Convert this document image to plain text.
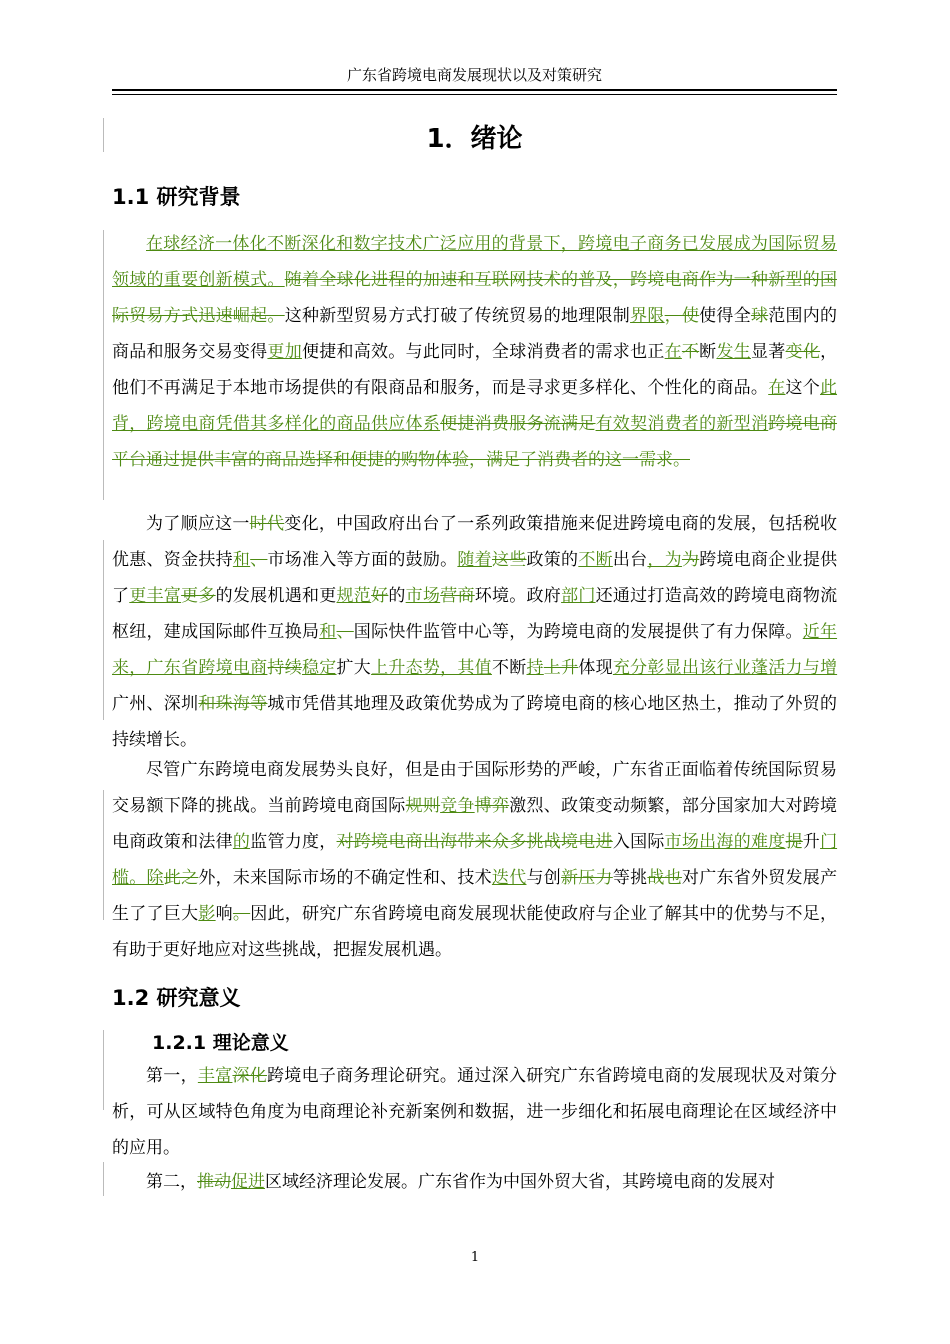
广东省跨境电商发展现状以及对策研究
1．绪论
1.1 研究背景
在球经济一体化不断深化和数字技术广泛应用的背景下，跨境电子商务已发展成为国际贸易领域的重要创新模式。随着全球化进程的加速和互联网技术的普及，跨境电商作为一种新型的国际贸易方式迅速崛起。这种新型贸易方式打破了传统贸易的地理限制界限，使使得全球范围内的商品和服务交易变得更加便捷和高效。与此同时，全球消费者的需求也正在不断发生显著变化，他们不再满足于本地市场提供的有限商品和服务，而是寻求更多样化、个性化的商品。在这个此背，跨境电商凭借其多样化的商品供应体系便捷消费服务流满足有效契消费者的新型消跨境电商平台通过提供丰富的商品选择和便捷的购物体验，满足了消费者的这一需求。
为了顺应这一时代变化，中国政府出台了一系列政策措施来促进跨境电商的发展，包括税收优惠、资金扶持和、市场准入等方面的鼓励。随着这些政策的不断出台，为为跨境电商企业提供了更丰富更多的发展机遇和更规范好的市场营商环境。政府部门还通过打造高效的跨境电商物流枢纽，建成国际邮件互换局和、国际快件监管中心等，为跨境电商的发展提供了有力保障。近年来，广东省跨境电商持续稳定扩大上升态势，其值不断持上升体现充分彰显出该行业蓬活力与增广州、深圳和珠海等城市凭借其地理及政策优势成为了跨境电商的核心地区热土，推动了外贸的持续增长。
尽管广东跨境电商发展势头良好，但是由于国际形势的严峻，广东省正面临着传统国际贸易交易额下降的挑战。当前跨境电商国际规则竞争博弈激烈、政策变动频繁，部分国家加大对跨境电商政策和法律的监管力度，对跨境电商出海带来众多挑战境电进入国际市场出海的难度提升门槛。除此之外，未来国际市场的不确定性和、技术迭代与创新压力等挑战也对广东省外贸发展产生了了巨大影响。因此，研究广东省跨境电商发展现状能使政府与企业了解其中的优势与不足，有助于更好地应对这些挑战，把握发展机遇。
1.2 研究意义
1.2.1 理论意义
第一，丰富深化跨境电子商务理论研究。通过深入研究广东省跨境电商的发展现状及对策分析，可从区域特色角度为电商理论补充新案例和数据，进一步细化和拓展电商理论在区域经济中的应用。
第二，推动促进区域经济理论发展。广东省作为中国外贸大省，其跨境电商的发展对
1
